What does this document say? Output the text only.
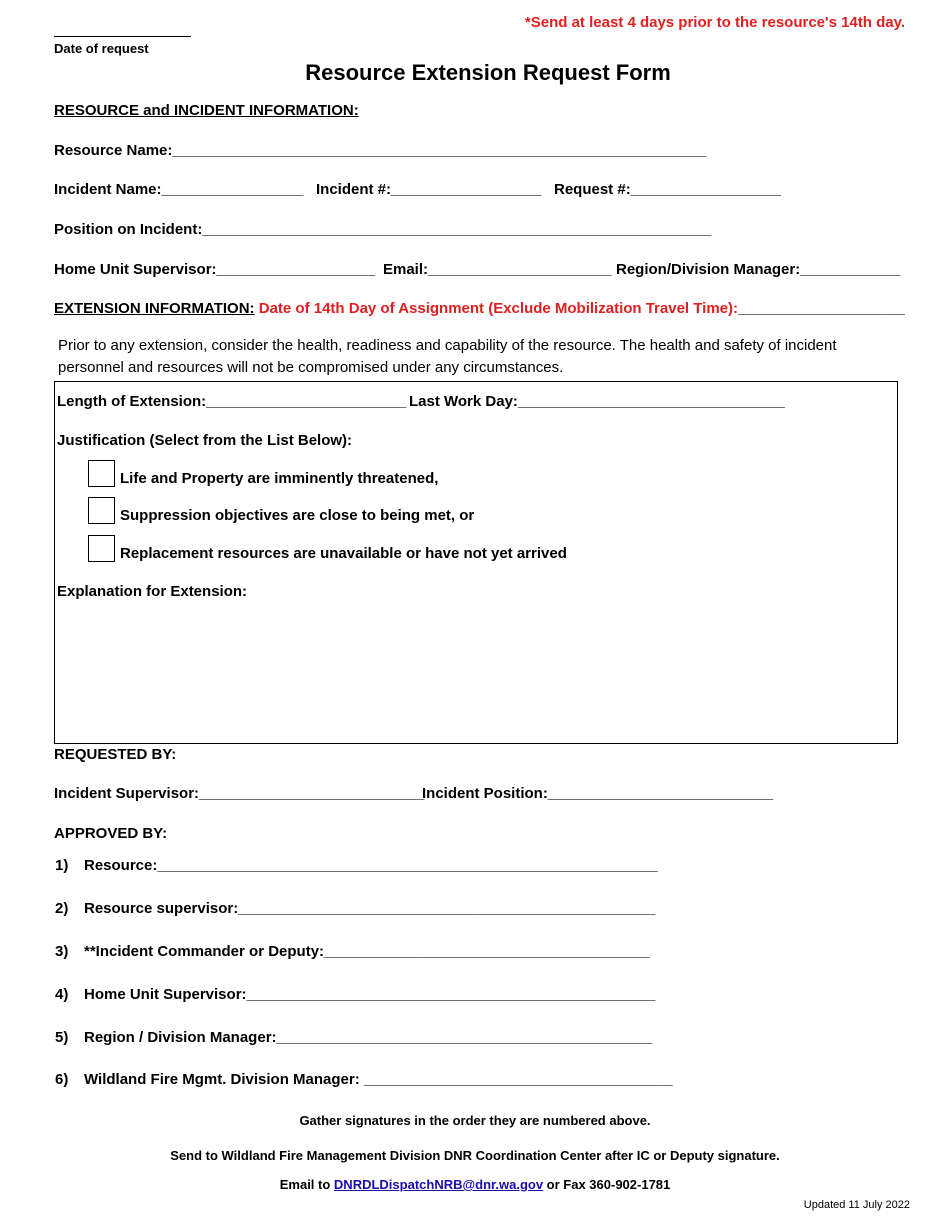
Date of request
*Send at least 4 days prior to the resource's 14th day.
Resource Extension Request Form
RESOURCE and INCIDENT INFORMATION:
Resource Name:________________________________________________________________
Incident Name:_________________ Incident #:__________________ Request #:__________________
Position on Incident:_____________________________________________________________
Home Unit Supervisor:___________________ Email:______________________ Region/Division Manager:____________
EXTENSION INFORMATION: Date of 14th Day of Assignment (Exclude Mobilization Travel Time):____________________
Prior to any extension, consider the health, readiness and capability of the resource. The health and safety of incident
personnel and resources will not be compromised under any circumstances.
Length of Extension:________________________ Last Work Day:________________________________
Justification (Select from the List Below):
Life and Property are imminently threatened,
Suppression objectives are close to being met, or
Replacement resources are unavailable or have not yet arrived
Explanation for Extension:
REQUESTED BY:
Incident Supervisor:___________________________
Incident Position:___________________________
APPROVED BY:
1) Resource:____________________________________________________________
2) Resource supervisor:__________________________________________________
3) **Incident Commander or Deputy:_______________________________________
4) Home Unit Supervisor:_________________________________________________
5) Region / Division Manager:_____________________________________________
6) Wildland Fire Mgmt. Division Manager: _____________________________________
Gather signatures in the order they are numbered above.
Send to Wildland Fire Management Division DNR Coordination Center after IC or Deputy signature.
Email to DNRDLDispatchNRB@dnr.wa.gov or Fax 360-902-1781
Updated 11 July 2022
